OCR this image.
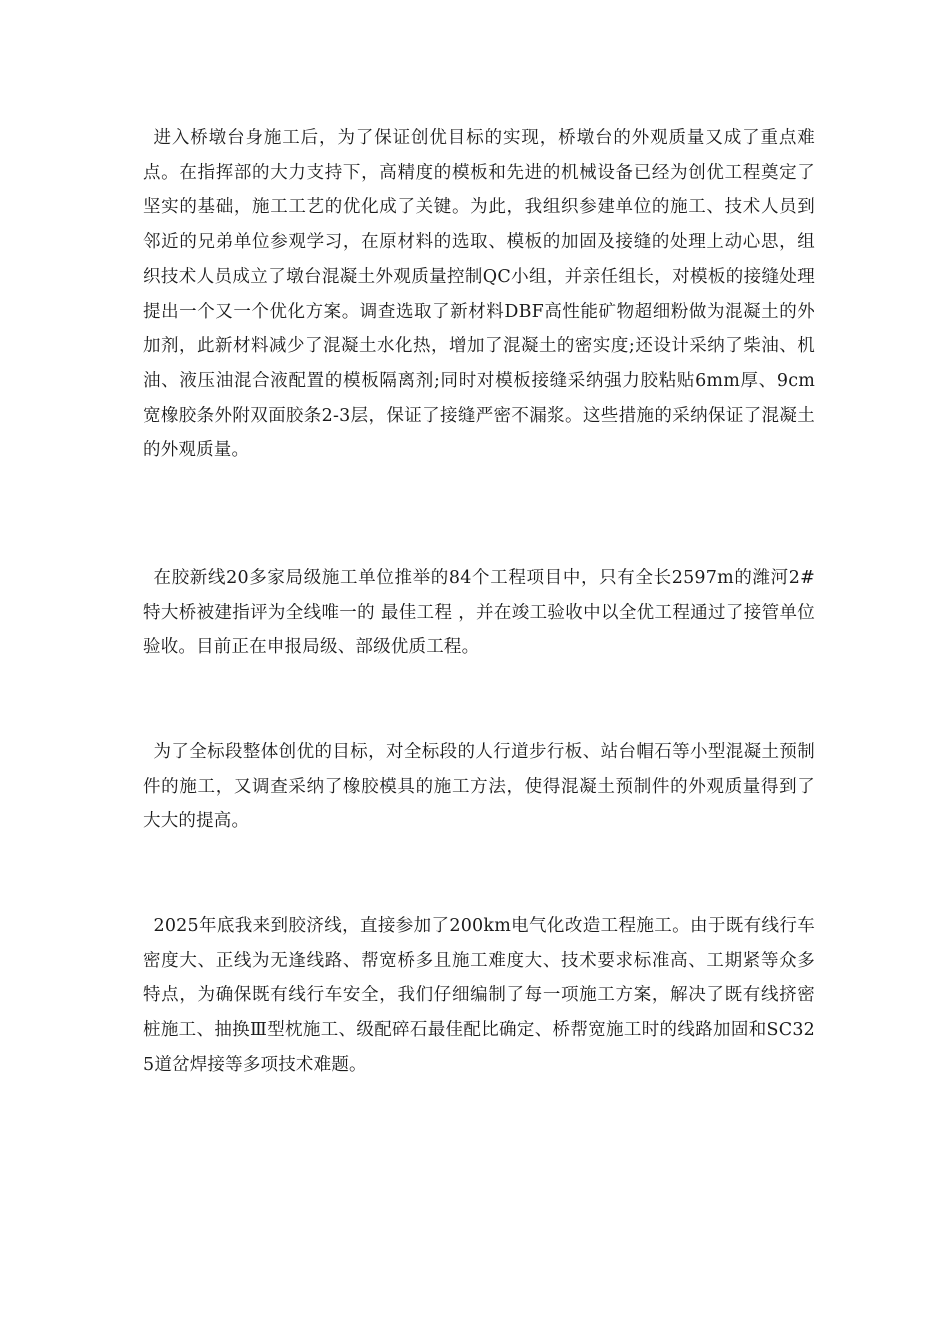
进入桥墩台身施工后，为了保证创优目标的实现，桥墩台的外观质量又成了重点难点。在指挥部的大力支持下，高精度的模板和先进的机械设备已经为创优工程奠定了坚实的基础，施工工艺的优化成了关键。为此，我组织参建单位的施工、技术人员到邻近的兄弟单位参观学习，在原材料的选取、模板的加固及接缝的处理上动心思，组织技术人员成立了墩台混凝土外观质量控制QC小组，并亲任组长，对模板的接缝处理提出一个又一个优化方案。调查选取了新材料DBF高性能矿物超细粉做为混凝土的外加剂，此新材料减少了混凝土水化热，增加了混凝土的密实度;还设计采纳了柴油、机油、液压油混合液配置的模板隔离剂;同时对模板接缝采纳强力胶粘贴6mm厚、9cm宽橡胶条外附双面胶条2-3层，保证了接缝严密不漏浆。这些措施的采纳保证了混凝土的外观质量。

在胶新线20多家局级施工单位推举的84个工程项目中，只有全长2597m的潍河2#特大桥被建指评为全线唯一的 最佳工程 ，并在竣工验收中以全优工程通过了接管单位验收。目前正在申报局级、部级优质工程。

为了全标段整体创优的目标，对全标段的人行道步行板、站台帽石等小型混凝土预制件的施工，又调查采纳了橡胶模具的施工方法，使得混凝土预制件的外观质量得到了大大的提高。

2025年底我来到胶济线，直接参加了200km电气化改造工程施工。由于既有线行车密度大、正线为无逢线路、帮宽桥多且施工难度大、技术要求标准高、工期紧等众多特点，为确保既有线行车安全，我们仔细编制了每一项施工方案，解决了既有线挤密桩施工、抽换Ⅲ型枕施工、级配碎石最佳配比确定、桥帮宽施工时的线路加固和SC325道岔焊接等多项技术难题。
